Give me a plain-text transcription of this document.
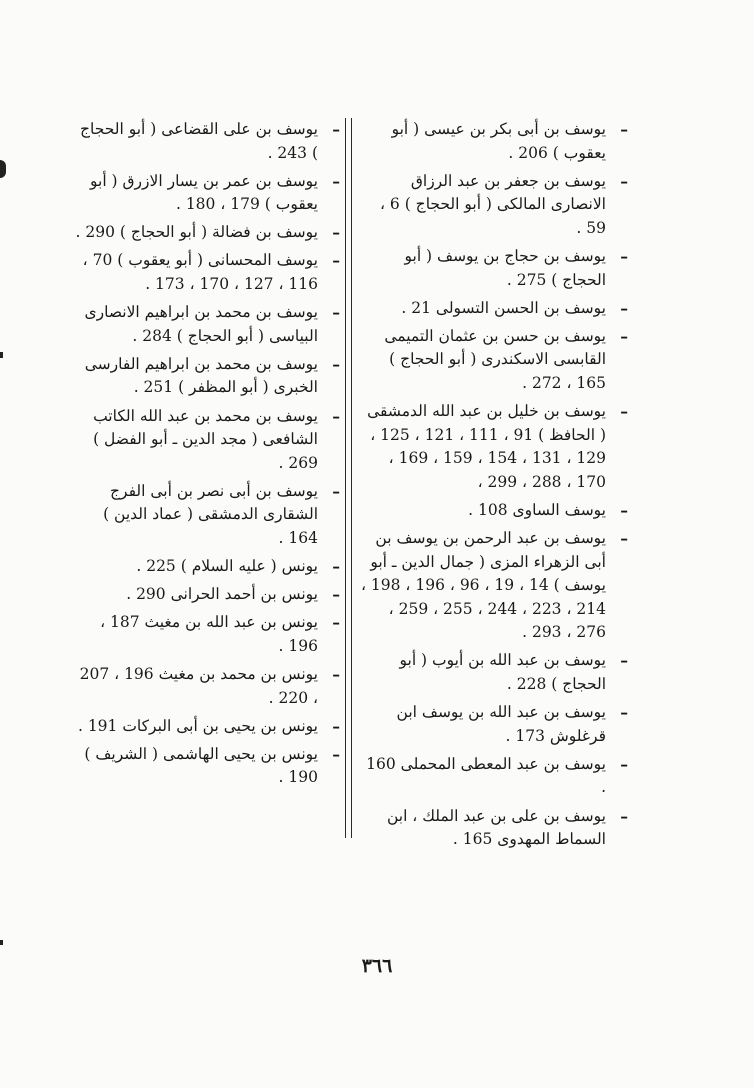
–
يوسف بن أبى بكر بن عيسى ( أبو يعقوب ) 206 .
–
يوسف بن جعفر بن عبد الرزاق الانصارى المالكى ( أبو الحجاج ) 6 ، 59 .
–
يوسف بن حجاج بن يوسف ( أبو الحجاج ) 275 .
–
يوسف بن الحسن التسولى 21 .
–
يوسف بن حسن بن عثمان التميمى القابسى الاسكندرى ( أبو الحجاج ) 165 ، 272 .
–
يوسف بن خليل بن عبد الله الدمشقى ( الحافظ ) 91 ، 111 ، 121 ، 125 ، 129 ، 131 ، 154 ، 159 ، 169 ، 170 ، 288 ، 299 ،
–
يوسف الساوى 108 .
–
يوسف بن عبد الرحمن بن يوسف بن أبى الزهراء المزى ( جمال الدين ـ أبو يوسف ) 14 ، 19 ، 96 ، 196 ، 198 ، 214 ، 223 ، 244 ، 255 ، 259 ، 276 ، 293 .
–
يوسف بن عبد الله بن أيوب ( أبو الحجاج ) 228 .
–
يوسف بن عبد الله بن يوسف ابن قرغلوش 173 .
–
يوسف بن عبد المعطى المحملى 160 .
–
يوسف بن على بن عبد الملك ، ابن السماط المهدوى 165 .
–
يوسف بن على القضاعى ( أبو الحجاج ) 243 .
–
يوسف بن عمر بن يسار الازرق ( أبو يعقوب ) 179 ، 180 .
–
يوسف بن فضالة ( أبو الحجاج ) 290 .
–
يوسف المحسانى ( أبو يعقوب ) 70 ، 116 ، 127 ، 170 ، 173 .
–
يوسف بن محمد بن ابراهيم الانصارى البياسى ( أبو الحجاج ) 284 .
–
يوسف بن محمد بن ابراهيم الفارسى الخبرى ( أبو المظفر ) 251 .
–
يوسف بن محمد بن عبد الله الكاتب الشافعى ( مجد الدين ـ أبو الفضل ) 269 .
–
يوسف بن أبى نصر بن أبى الفرج الشقارى الدمشقى ( عماد الدين ) 164 .
–
يونس ( عليه السلام ) 225 .
–
يونس بن أحمد الحرانى 290 .
–
يونس بن عبد الله بن مغيث 187 ، 196 .
–
يونس بن محمد بن مغيث 196 ، 207 ، 220 .
–
يونس بن يحيى بن أبى البركات 191 .
–
يونس بن يحيى الهاشمى ( الشريف ) 190 .
٣٦٦
